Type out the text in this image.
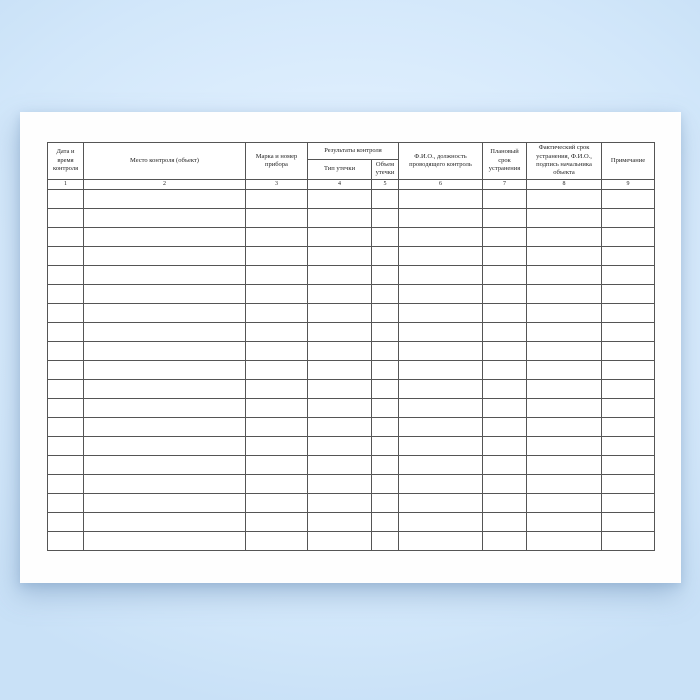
Дата и время контроля	Место контроля (объект)	Марка и номер прибора	Результаты контроля		Ф.И.О., должность проводящего контроль	Плановый срок устранения	Фактический срок устранения, Ф.И.О., подпись начальника объекта	Примечание
			Тип утечки	Объем утечки				
1	2	3	4	5	6	7	8	9
